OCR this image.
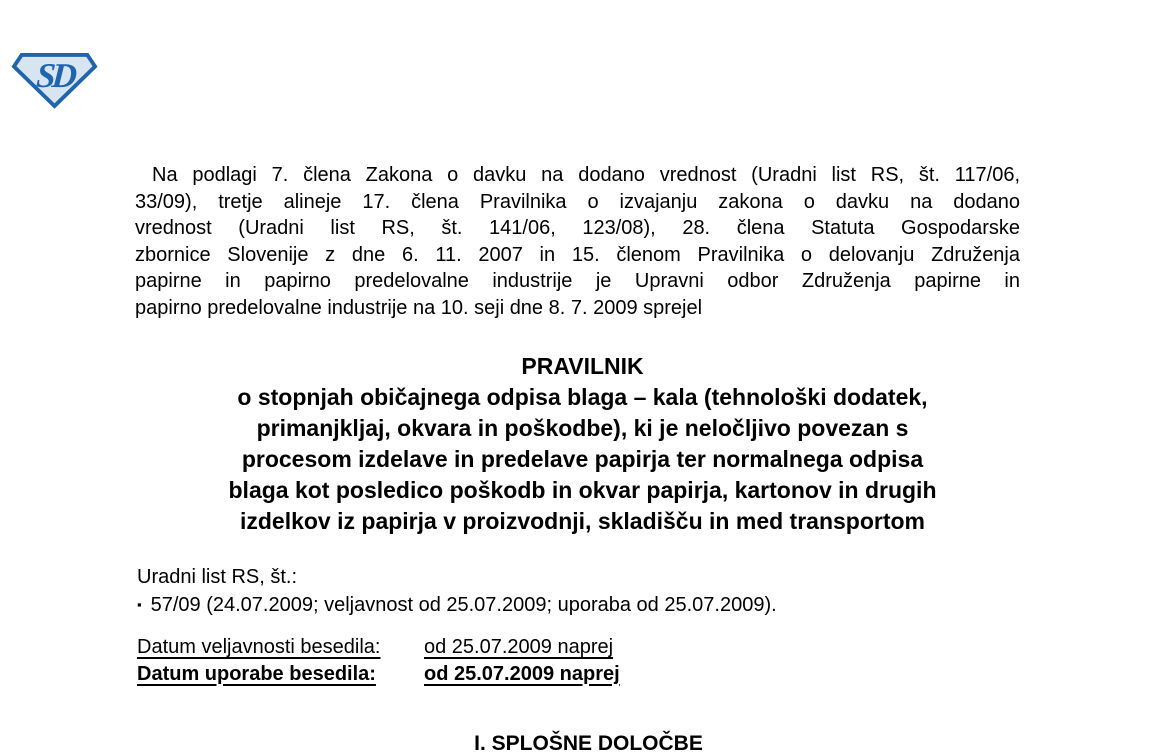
SD
Na podlagi 7. člena Zakona o davku na dodano vrednost (Uradni list RS, št. 117/06,
33/09), tretje alineje 17. člena Pravilnika o izvajanju zakona o davku na dodano
vrednost (Uradni list RS, št. 141/06, 123/08), 28. člena Statuta Gospodarske
zbornice Slovenije z dne 6. 11. 2007 in 15. členom Pravilnika o delovanju Združenja
papirne in papirno predelovalne industrije je Upravni odbor Združenja papirne in
papirno predelovalne industrije na 10. seji dne 8. 7. 2009 sprejel
PRAVILNIK
o stopnjah običajnega odpisa blaga – kala (tehnološki dodatek,
primanjkljaj, okvara in poškodbe), ki je neločljivo povezan s
procesom izdelave in predelave papirja ter normalnega odpisa
blaga kot posledico poškodb in okvar papirja, kartonov in drugih
izdelkov iz papirja v proizvodnji, skladišču in med transportom
Uradni list RS, št.:
▪ 57/09 (24.07.2009; veljavnost od 25.07.2009; uporaba od 25.07.2009).
Datum veljavnosti besedila: od 25.07.2009 naprej
Datum uporabe besedila: od 25.07.2009 naprej
I. SPLOŠNE DOLOČBE
